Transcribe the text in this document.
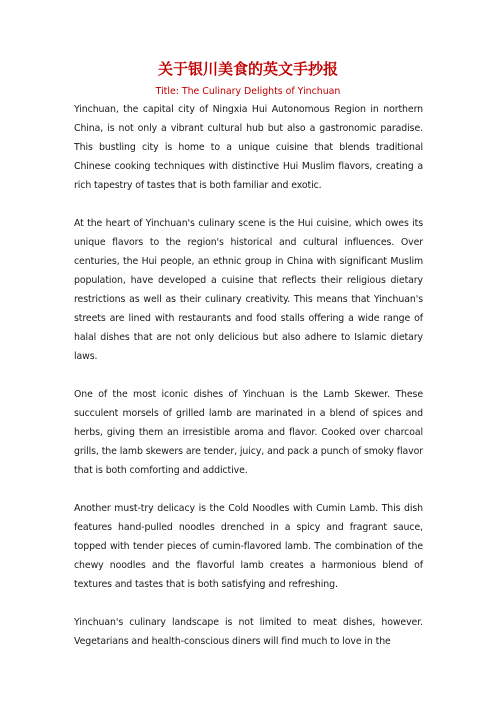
关于银川美食的英文手抄报
Title: The Culinary Delights of Yinchuan

Yinchuan, the capital city of Ningxia Hui Autonomous Region in northern China, is not only a vibrant cultural hub but also a gastronomic paradise. This bustling city is home to a unique cuisine that blends traditional Chinese cooking techniques with distinctive Hui Muslim flavors, creating a rich tapestry of tastes that is both familiar and exotic.

At the heart of Yinchuan's culinary scene is the Hui cuisine, which owes its unique flavors to the region's historical and cultural influences. Over centuries, the Hui people, an ethnic group in China with significant Muslim population, have developed a cuisine that reflects their religious dietary restrictions as well as their culinary creativity. This means that Yinchuan's streets are lined with restaurants and food stalls offering a wide range of halal dishes that are not only delicious but also adhere to Islamic dietary laws.

One of the most iconic dishes of Yinchuan is the Lamb Skewer. These succulent morsels of grilled lamb are marinated in a blend of spices and herbs, giving them an irresistible aroma and flavor. Cooked over charcoal grills, the lamb skewers are tender, juicy, and pack a punch of smoky flavor that is both comforting and addictive.

Another must-try delicacy is the Cold Noodles with Cumin Lamb. This dish features hand-pulled noodles drenched in a spicy and fragrant sauce, topped with tender pieces of cumin-flavored lamb. The combination of the chewy noodles and the flavorful lamb creates a harmonious blend of textures and tastes that is both satisfying and refreshing.

Yinchuan's culinary landscape is not limited to meat dishes, however. Vegetarians and health-conscious diners will find much to love in the
